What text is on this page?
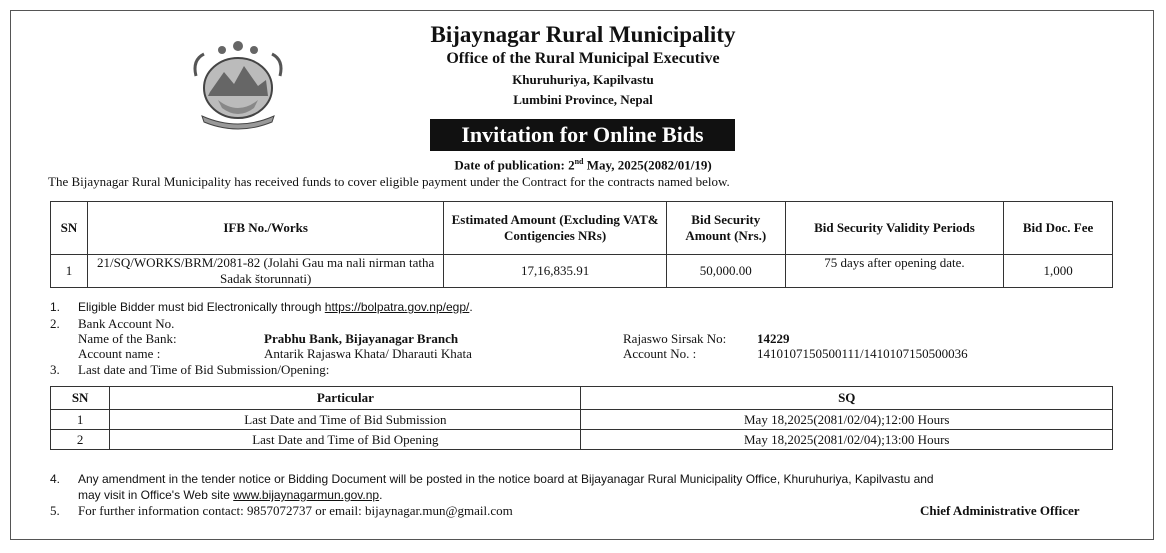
Bijaynagar Rural Municipality
Office of the Rural Municipal Executive
Khuruhuriya, Kapilvastu
Lumbini Province, Nepal
Invitation for Online Bids
Date of publication: 2nd May, 2025(2082/01/19)
The Bijaynagar Rural Municipality has received funds to cover eligible payment under the Contract for the contracts named below.
SN	IFB No./Works	Estimated Amount (Excluding VAT& Contigencies NRs)	Bid Security Amount (Nrs.)	Bid Security Validity Periods	Bid Doc. Fee
1	21/SQ/WORKS/BRM/2081-82 (Jolahi Gau ma nali nirman tatha Sadak štorunnati)	17,16,835.91	50,000.00	75 days after opening date.	1,000
1. Eligible Bidder must bid Electronically through https://bolpatra.gov.np/egp/.
2. Bank Account No.
Name of the Bank:	Prabhu Bank, Bijayanagar Branch	Rajaswo Sirsak No: 14229
Account name :	Antarik Rajaswa Khata/ Dharauti Khata	Account No. :	1410107150500111/1410107150500036
3. Last date and Time of Bid Submission/Opening:
SN	Particular	SQ
1	Last Date and Time of Bid Submission	May 18,2025(2081/02/04);12:00 Hours
2	Last Date and Time of Bid Opening	May 18,2025(2081/02/04);13:00 Hours
4. Any amendment in the tender notice or Bidding Document will be posted in the notice board at Bijayanagar Rural Municipality Office, Khuruhuriya, Kapilvastu and
may visit in Office's Web site www.bijaynagarmun.gov.np.
5. For further information contact: 9857072737 or email: bijaynagar.mun@gmail.com	Chief Administrative Officer
